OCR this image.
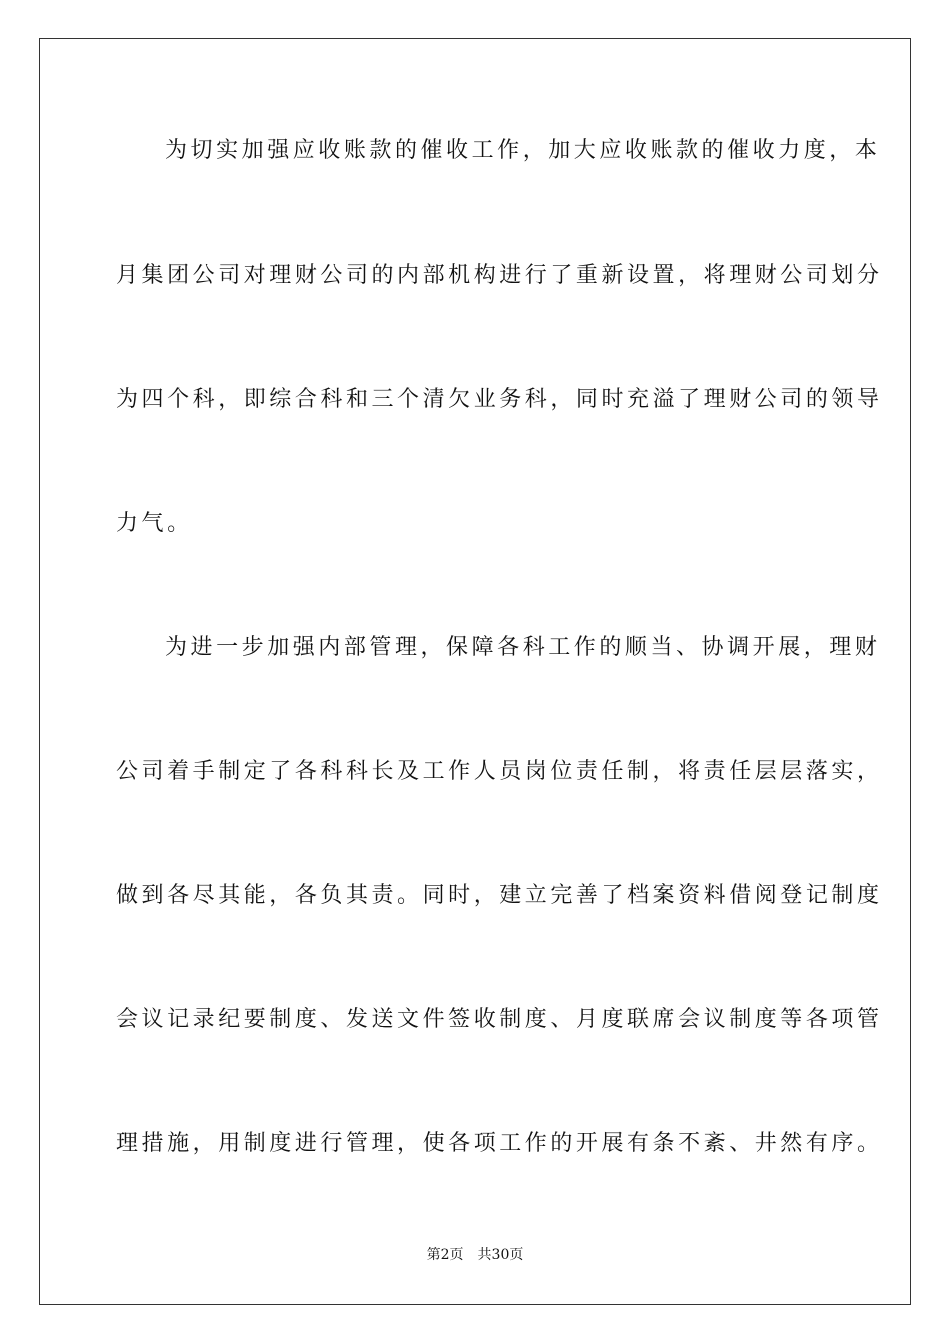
为切实加强应收账款的催收工作，加大应收账款的催收力度，本

月集团公司对理财公司的内部机构进行了重新设置，将理财公司划分

为四个科，即综合科和三个清欠业务科，同时充溢了理财公司的领导

力气。

为进一步加强内部管理，保障各科工作的顺当、协调开展，理财

公司着手制定了各科科长及工作人员岗位责任制，将责任层层落实，

做到各尽其能，各负其责。同时，建立完善了档案资料借阅登记制度

会议记录纪要制度、发送文件签收制度、月度联席会议制度等各项管

理措施，用制度进行管理，使各项工作的开展有条不紊、井然有序。

第2页 共30页
